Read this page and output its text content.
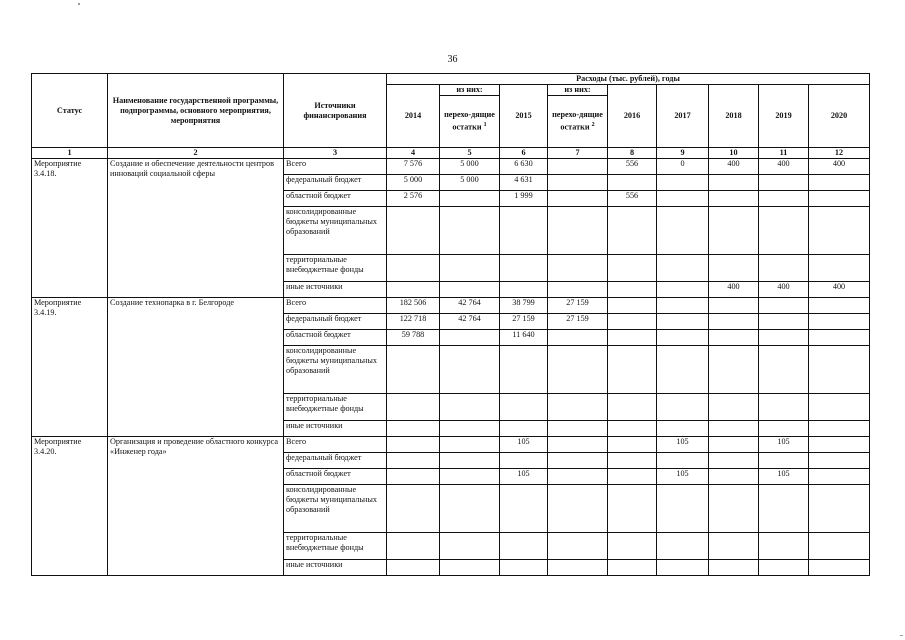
36
Статус	Наименование государственной программы, подпрограммы, основного мероприятия, мероприятия	Источники финансирования	Расходы (тыс. рублей), годы								
			2014	из них:	2015	из них:	2016	2017	2018	2019	2020
				перехо-дящие остатки $^1$		перехо-дящие остатки $^2$
1	2	3	4	5	6	7	8	9	10	11	12
Мероприятие 3.4.18.	Создание и обеспечение деятельности центров инноваций социальной сферы	Всего	7 576	5 000	6 630		556	0	400	400	400
		федеральный бюджет	5 000	5 000	4 631						
		областной бюджет	2 576		1 999		556				
		консолидированные бюджеты муниципальных образований									
		территориальные внебюджетные фонды									
		иные источники							400	400	400
Мероприятие 3.4.19.	Создание технопарка в г. Белгороде	Всего	182 506	42 764	38 799	27 159					
		федеральный бюджет	122 718	42 764	27 159	27 159					
		областной бюджет	59 788		11 640						
		консолидированные бюджеты муниципальных образований									
		территориальные внебюджетные фонды									
		иные источники									
Мероприятие 3.4.20.	Организация и проведение областного конкурса «Инженер года»	Всего			105			105		105	
		федеральный бюджет									
		областной бюджет			105			105		105	
		консолидированные бюджеты муниципальных образований									
		территориальные внебюджетные фонды									
		иные источники									
